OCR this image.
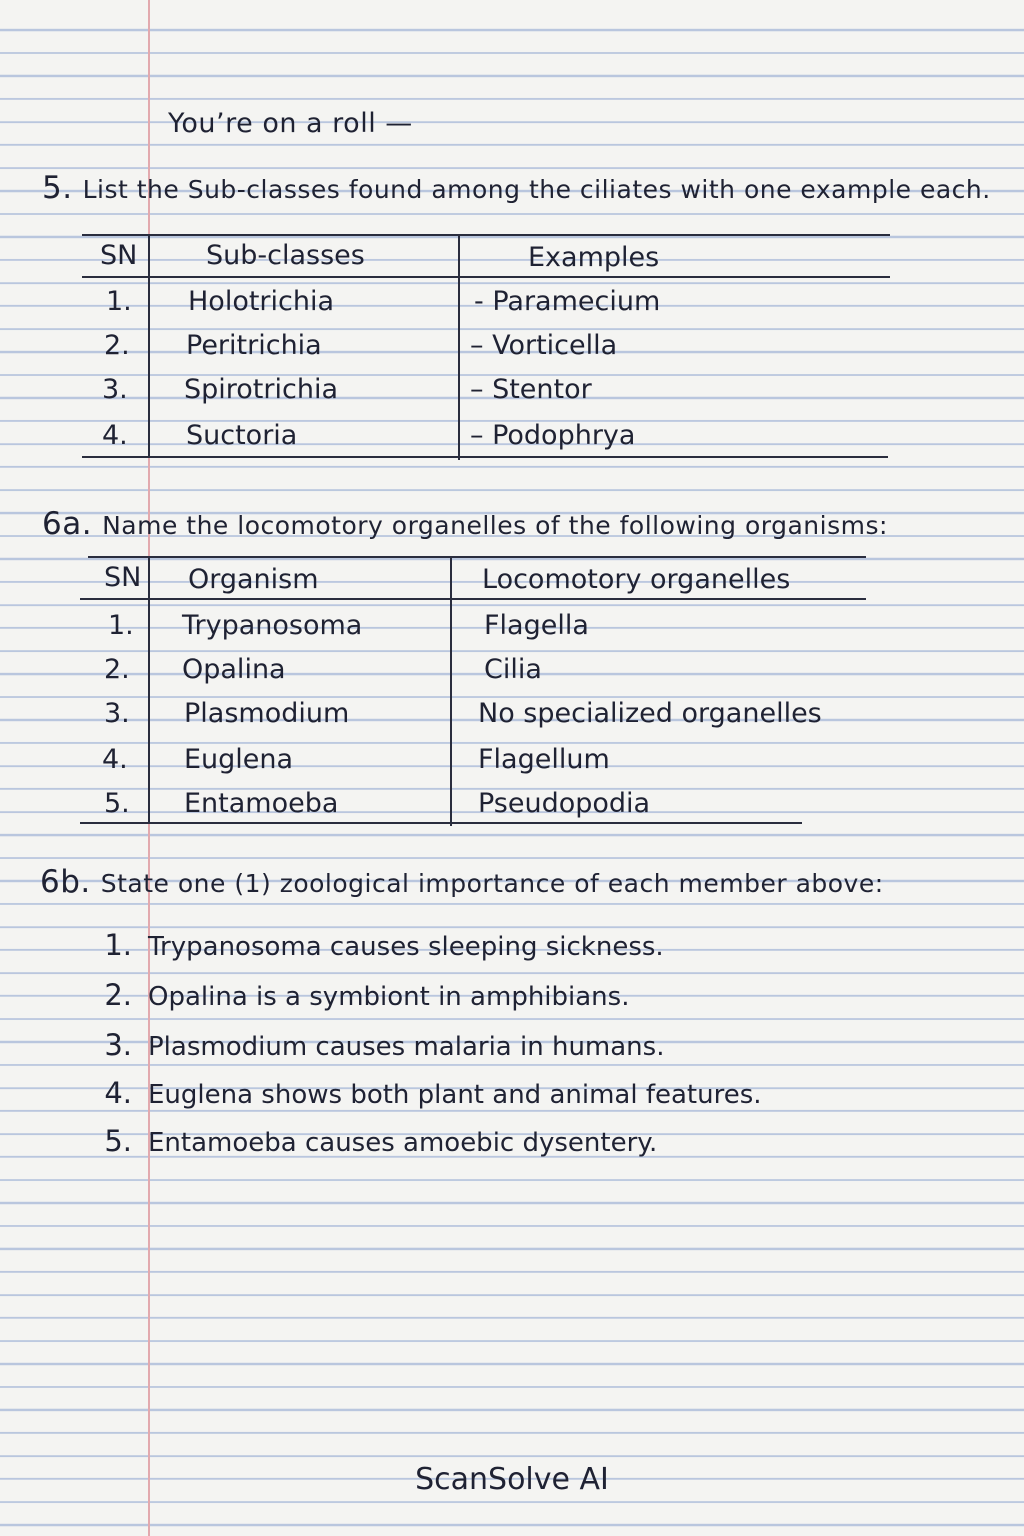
You’re on a roll —
5. List the Sub-classes found among the ciliates with one example each.
SN	Sub-classes	Examples
1. Holotrichia	- Paramecium
2. Peritrichia	– Vorticella
3. Spirotrichia	– Stentor
4. Suctoria	– Podophrya
6a. Name the locomotory organelles of the following organisms:
SN Organism	Locomotory organelles
1. Trypanosoma	Flagella
2. Opalina	Cilia
3. Plasmodium	No specialized organelles
4. Euglena	Flagellum
5. Entamoeba	Pseudopodia
6b. State one (1) zoological importance of each member above:
1. Trypanosoma causes sleeping sickness.
2. Opalina is a symbiont in amphibians.
3. Plasmodium causes malaria in humans.
4. Euglena shows both plant and animal features.
5. Entamoeba causes amoebic dysentery.
ScanSolve AI
